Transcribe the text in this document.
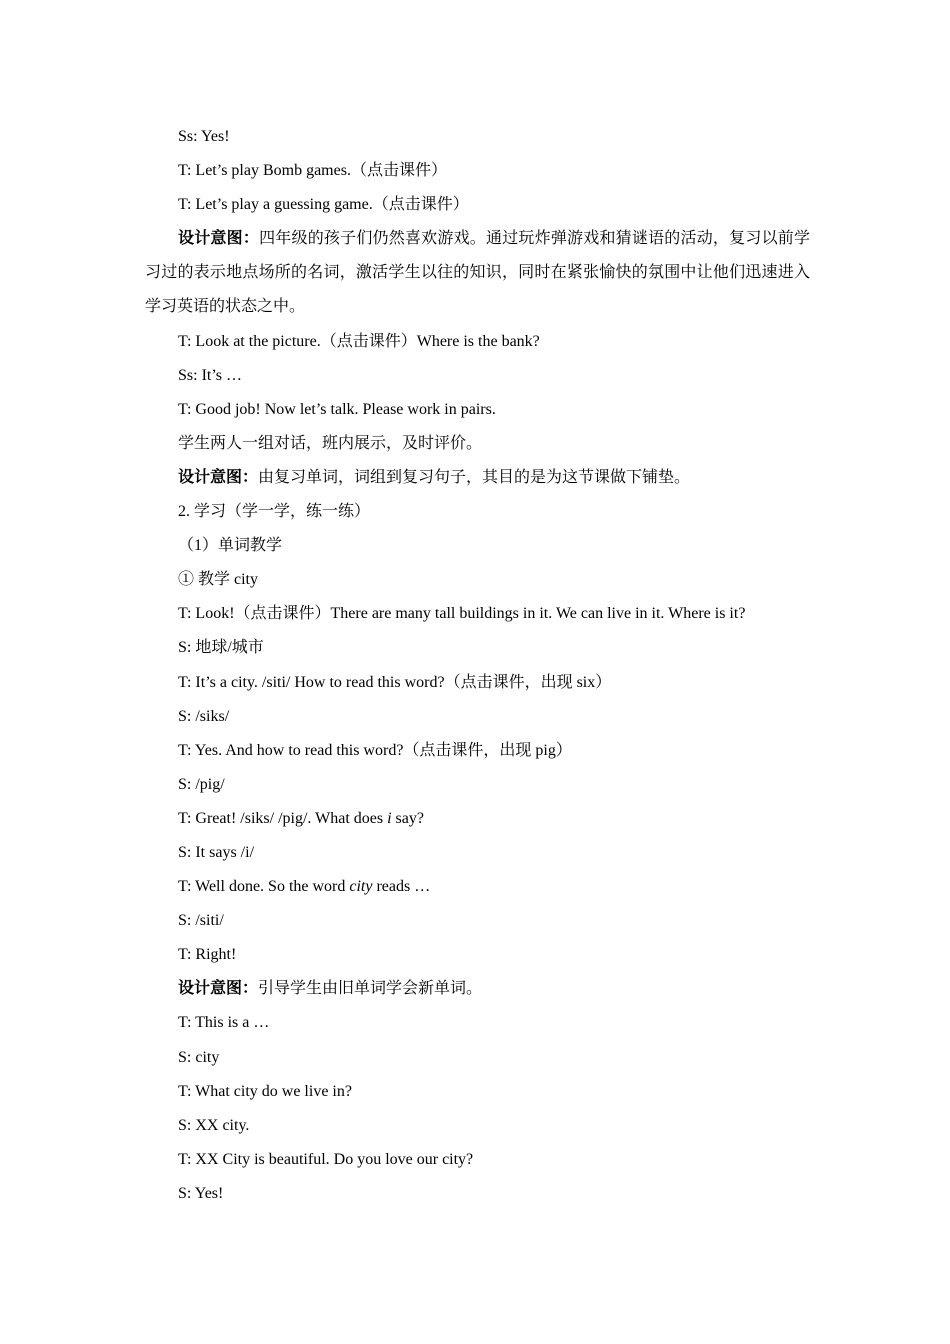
Ss: Yes!
T: Let’s play Bomb games.（点击课件）
T: Let’s play a guessing game.（点击课件）
设计意图：四年级的孩子们仍然喜欢游戏。通过玩炸弹游戏和猜谜语的活动，复习以前学习过的表示地点场所的名词，激活学生以往的知识，同时在紧张愉快的氛围中让他们迅速进入学习英语的状态之中。
T: Look at the picture.（点击课件）Where is the bank?
Ss: It’s …
T: Good job! Now let’s talk. Please work in pairs.
学生两人一组对话，班内展示，及时评价。
设计意图：由复习单词，词组到复习句子，其目的是为这节课做下铺垫。
2. 学习（学一学，练一练）
（1）单词教学
① 教学 city
T: Look!（点击课件）There are many tall buildings in it. We can live in it. Where is it?
S: 地球/城市
T: It’s a city. /siti/ How to read this word?（点击课件，出现 six）
S: /siks/
T: Yes. And how to read this word?（点击课件，出现 pig）
S: /pig/
T: Great! /siks/ /pig/. What does i say?
S: It says /i/
T: Well done. So the word city reads …
S: /siti/
T: Right!
设计意图：引导学生由旧单词学会新单词。
T: This is a …
S: city
T: What city do we live in?
S: XX city.
T: XX City is beautiful. Do you love our city?
S: Yes!
